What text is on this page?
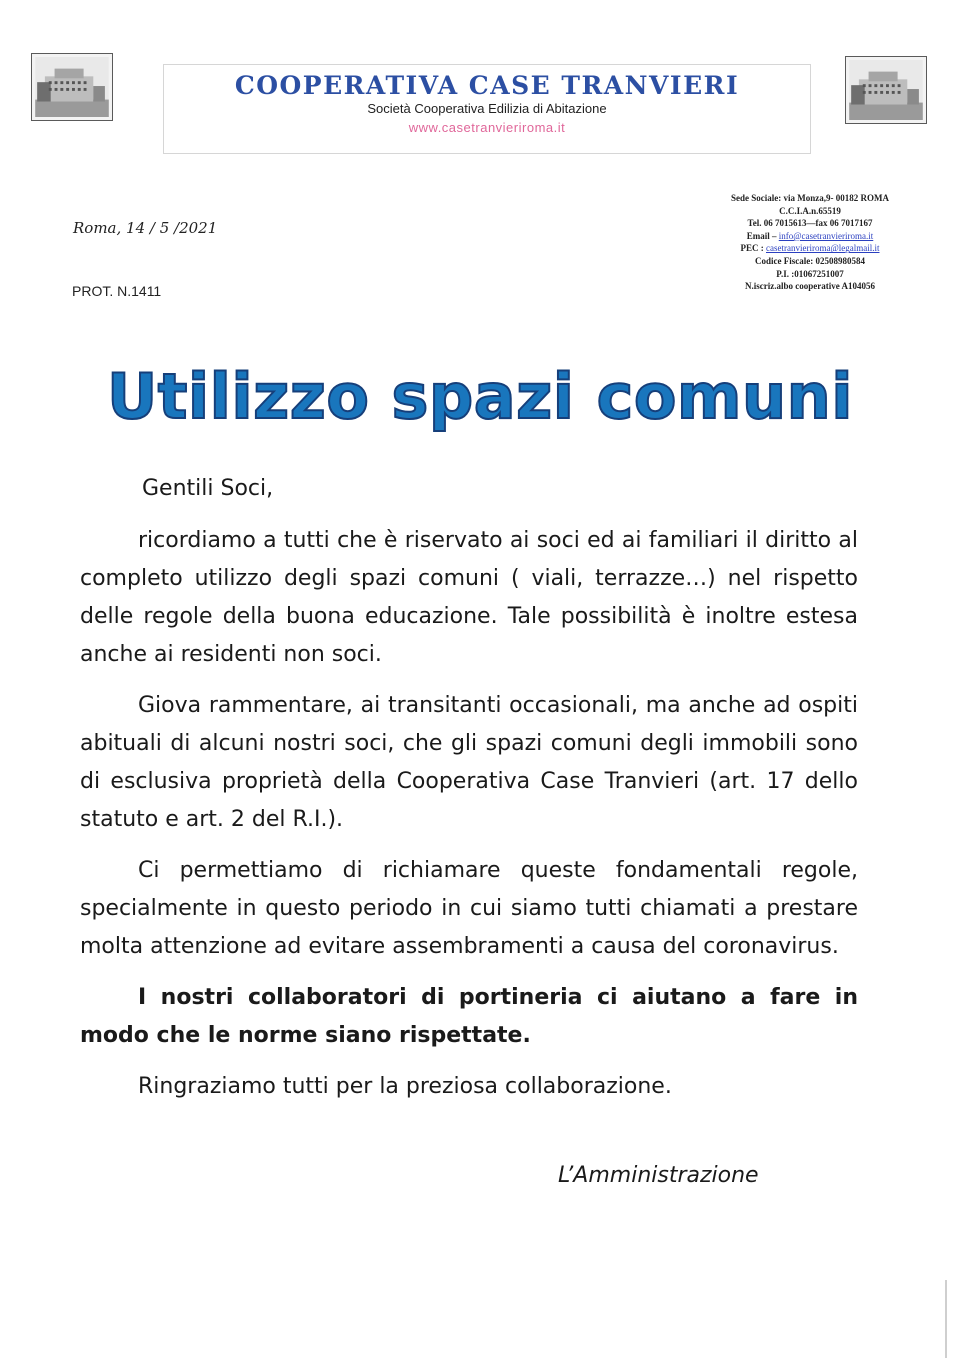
COOPERATIVA CASE TRANVIERI
Società Cooperativa Edilizia di Abitazione
www.casetranvieriroma.it
Roma, 14 / 5 /2021
PROT. N.1411
Sede Sociale: via Monza,9- 00182 ROMA
C.C.I.A.n.65519
Tel. 06 7015613—fax 06 7017167
Email – info@casetranvieriroma.it
PEC : casetranvieriroma@legalmail.it
Codice Fiscale: 02508980584
P.I. :01067251007
N.iscriz.albo cooperative A104056
Utilizzo spazi comuni

Gentili Soci,

ricordiamo a tutti che è riservato ai soci ed ai familiari il diritto al completo utilizzo degli spazi comuni ( viali, terrazze…) nel rispetto delle regole della buona educazione. Tale possibilità è inoltre estesa anche ai residenti non soci.

Giova rammentare, ai transitanti occasionali, ma anche ad ospiti abituali di alcuni nostri soci, che gli spazi comuni degli immobili sono di esclusiva proprietà della Cooperativa Case Tranvieri (art. 17 dello statuto e art. 2 del R.I.).

Ci permettiamo di richiamare queste fondamentali regole, specialmente in questo periodo in cui siamo tutti chiamati a prestare molta attenzione ad evitare assembramenti a causa del coronavirus.

I nostri collaboratori di portineria ci aiutano a fare in modo che le norme siano rispettate.

Ringraziamo tutti per la preziosa collaborazione.

L’Amministrazione
